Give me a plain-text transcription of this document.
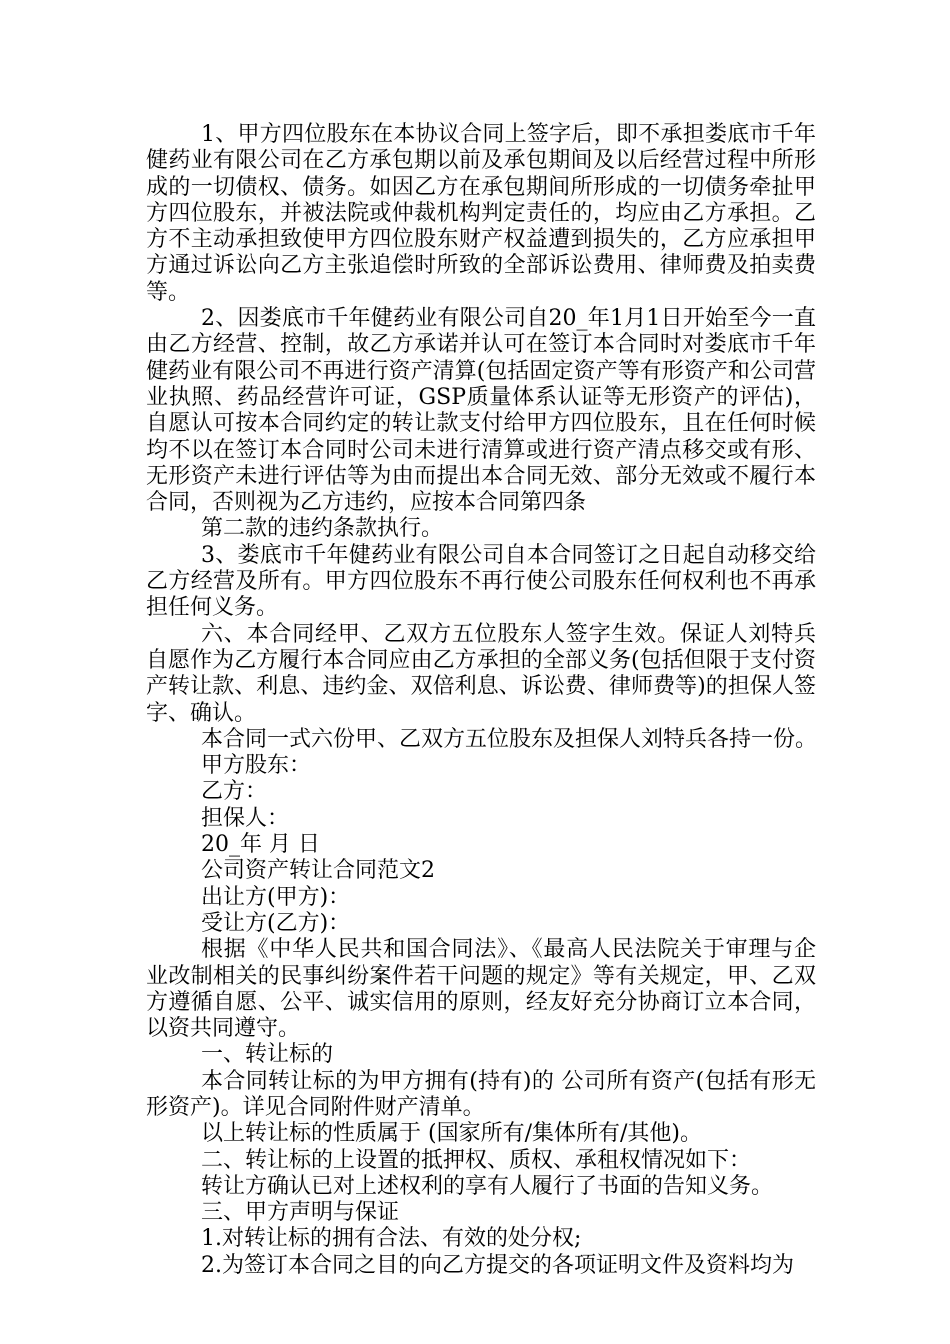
1、甲方四位股东在本协议合同上签字后，即不承担娄底市千年健药业有限公司在乙方承包期以前及承包期间及以后经营过程中所形成的一切债权、债务。如因乙方在承包期间所形成的一切债务牵扯甲方四位股东，并被法院或仲裁机构判定责任的，均应由乙方承担。乙方不主动承担致使甲方四位股东财产权益遭到损失的，乙方应承担甲方通过诉讼向乙方主张追偿时所致的全部诉讼费用、律师费及拍卖费等。

2、因娄底市千年健药业有限公司自20_年1月1日开始至今一直由乙方经营、控制，故乙方承诺并认可在签订本合同时对娄底市千年健药业有限公司不再进行资产清算(包括固定资产等有形资产和公司营业执照、药品经营许可证，GSP质量体系认证等无形资产的评估)，自愿认可按本合同约定的转让款支付给甲方四位股东，且在任何时候均不以在签订本合同时公司未进行清算或进行资产清点移交或有形、无形资产未进行评估等为由而提出本合同无效、部分无效或不履行本合同，否则视为乙方违约，应按本合同第四条

第二款的违约条款执行。

3、娄底市千年健药业有限公司自本合同签订之日起自动移交给乙方经营及所有。甲方四位股东不再行使公司股东任何权利也不再承担任何义务。

六、本合同经甲、乙双方五位股东人签字生效。保证人刘特兵自愿作为乙方履行本合同应由乙方承担的全部义务(包括但限于支付资产转让款、利息、违约金、双倍利息、诉讼费、律师费等)的担保人签字、确认。

本合同一式六份甲、乙双方五位股东及担保人刘特兵各持一份。

甲方股东：

乙方：

担保人：

20_年 月 日

公司资产转让合同范文2

出让方(甲方)：

受让方(乙方)：

根据《中华人民共和国合同法》、《最高人民法院关于审理与企业改制相关的民事纠纷案件若干问题的规定》等有关规定，甲、乙双方遵循自愿、公平、诚实信用的原则，经友好充分协商订立本合同，以资共同遵守。

一、转让标的

本合同转让标的为甲方拥有(持有)的 公司所有资产(包括有形无形资产)。详见合同附件财产清单。

以上转让标的性质属于 (国家所有/集体所有/其他)。

二、转让标的上设置的抵押权、质权、承租权情况如下：

转让方确认已对上述权利的享有人履行了书面的告知义务。

三、甲方声明与保证

1.对转让标的拥有合法、有效的处分权;

2.为签订本合同之目的向乙方提交的各项证明文件及资料均为
